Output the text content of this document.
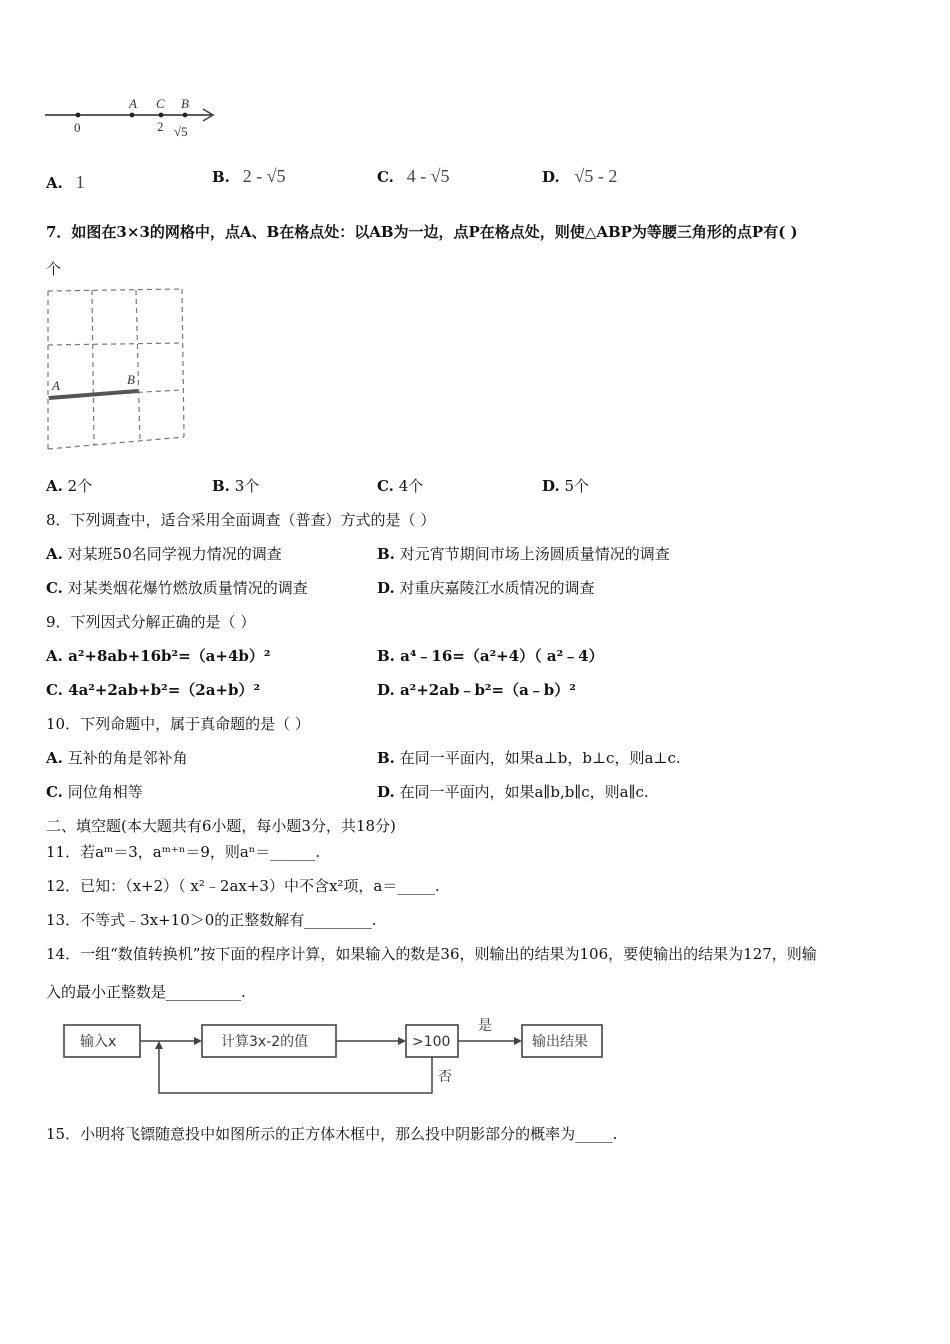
A C B
0	2 √5
A. 1	B. 2 - √5	C. 4 - √5	D. √5 - 2
7．如图在3×3的网格中，点A、B在格点处：以AB为一边，点P在格点处，则使△ABP为等腰三角形的点P有( )
个
A	B
A. 2个	B. 3个	C. 4个	D. 5个
8．下列调查中，适合采用全面调查（普查）方式的是（ ）
A. 对某班50名同学视力情况的调查	B. 对元宵节期间市场上汤圆质量情况的调查
C. 对某类烟花爆竹燃放质量情况的调查	D. 对重庆嘉陵江水质情况的调查
9．下列因式分解正确的是（ ）
A. a²+8ab+16b²=（a+4b）²	B. a⁴﹣16=（a²+4）（ a²﹣4）
C. 4a²+2ab+b²=（2a+b）²	D. a²+2ab﹣b²=（a﹣b）²
10．下列命题中，属于真命题的是（ ）
A. 互补的角是邻补角	B. 在同一平面内，如果a⊥b，b⊥c，则a⊥c.
C. 同位角相等	D. 在同一平面内，如果a∥b,b∥c，则a∥c.
二、填空题(本大题共有6小题，每小题3分，共18分)
11．若aᵐ＝3，aᵐ⁺ⁿ＝9，则aⁿ＝______.
12．已知：（x+2）（ x²﹣2ax+3）中不含x²项，a＝_____.
13．不等式﹣3x+10＞0的正整数解有_________.
14．一组“数值转换机”按下面的程序计算，如果输入的数是36，则输出的结果为106，要使输出的结果为127，则输
入的最小正整数是__________.
输入x	计算3x-2的值	>100
是
输出结果
否
15．小明将飞镖随意投中如图所示的正方体木框中，那么投中阴影部分的概率为_____.
